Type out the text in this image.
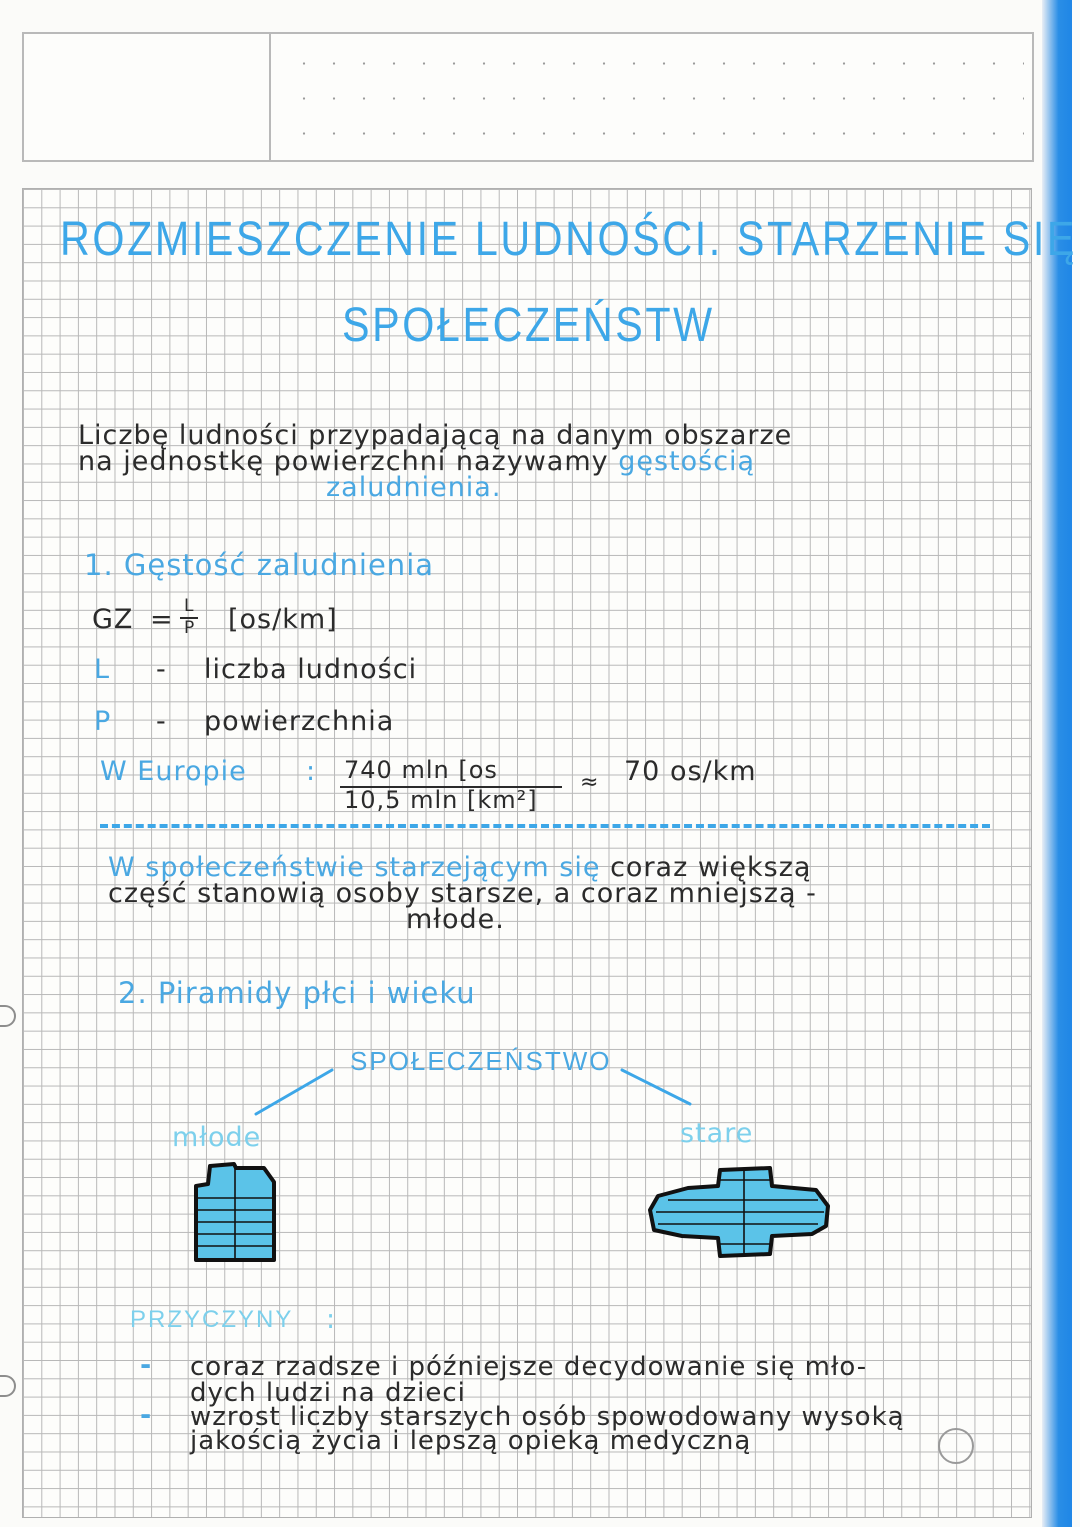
ROZMIESZCZENIE LUDNOŚCI. STARZENIE SIĘ

SPOŁECZEŃSTW

Liczbę ludności przypadającą na danym obszarze

na jednostkę powierzchni nazywamy gęstością

zaludnienia.

1. Gęstość zaludnienia

GZ = L

P [os/km]

L - liczba ludności

P - powierzchnia

W Europie : 740 mln [os

10,5 mln [km²]

≈ 70 os/km

W społeczeństwie starzejącym się coraz większą

część stanowią osoby starsze, a coraz mniejszą -

młode.

2. Piramidy płci i wieku

SPOŁECZEŃSTWO

młode	stare

PRZYCZYNY :

- coraz rzadsze i późniejsze decydowanie się mło-

dych ludzi na dzieci

- wzrost liczby starszych osób spowodowany wysoką

jakością życia i lepszą opieką medyczną
